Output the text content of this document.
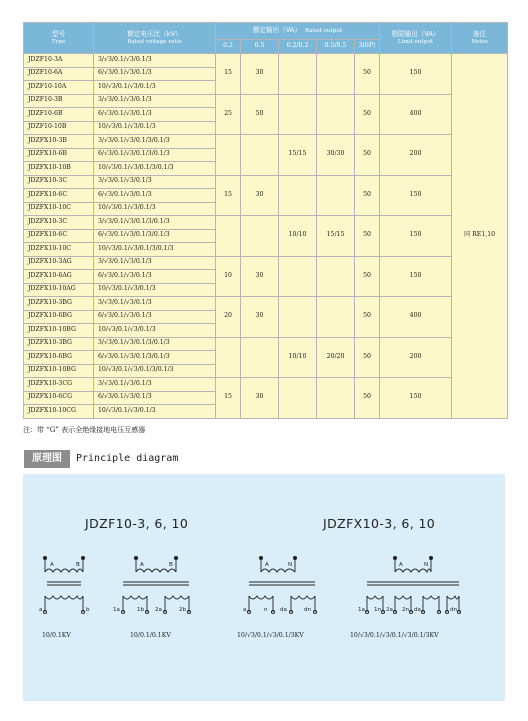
型号
Type	额定电压比（kV）
Rated voltage ratio	额定输出（VA） Rated output					极限输出（VA）
Limit output	备注
Notes

		0.2	0.5	0.2/0.2	0.5/0.5	3(6P)		
JDZF10-3A	3/√3/0.1/√3/0.1/3	15	30			50	150	同 RE1,10
JDZF10-6A	6/√3/0.1/√3/0.1/3							
JDZF10-10A	10/√3/0.1/√3/0.1/3							
JDZF10-3B	3/√3/0.1/√3/0.1/3	25	50			50	400	
JDZF10-6B	6/√3/0.1/√3/0.1/3							
JDZF10-10B	10/√3/0.1/√3/0.1/3							
JDZFX10-3B	3/√3/0.1/√3/0.1/3/0.1/3			15/15	30/30	50	200	
JDZFX10-6B	6/√3/0.1/√3/0.1/3/0.1/3							
JDZFX10-10B	10/√3/0.1/√3/0.1/3/0.1/3							
JDZFX10-3C	3/√3/0.1/√3/0.1/3	15	30			50	150	
JDZFX10-6C	6/√3/0.1/√3/0.1/3							
JDZFX10-10C	10/√3/0.1/√3/0.1/3							
JDZFX10-3C	3/√3/0.1/√3/0.1/3/0.1/3			10/10	15/15	50	150	
JDZFX10-6C	6/√3/0.1/√3/0.1/3/0.1/3							
JDZFX10-10C	10/√3/0.1/√3/0.1/3/0.1/3							
JDZFX10-3AG	3/√3/0.1/√3/0.1/3	10	30			50	150	
JDZFX10-6AG	6/√3/0.1/√3/0.1/3							
JDZFX10-10AG	10/√3/0.1/√3/0.1/3							
JDZFX10-3BG	3/√3/0.1/√3/0.1/3	20	30			50	400	
JDZFX10-6BG	6/√3/0.1/√3/0.1/3							
JDZFX10-10BG	10/√3/0.1/√3/0.1/3							
JDZFX10-3BG	3/√3/0.1/√3/0.1/3/0.1/3			10/10	20/20	50	200	
JDZFX10-6BG	6/√3/0.1/√3/0.1/3/0.1/3							
JDZFX10-10BG	10/√3/0.1/√3/0.1/3/0.1/3							
JDZFX10-3CG	3/√3/0.1/√3/0.1/3	15	30			50	150	
JDZFX10-6CG	6/√3/0.1/√3/0.1/3							
JDZFX10-10CG	10/√3/0.1/√3/0.1/3							
注：带 “G” 表示全绝缘接地电压互感器
原理图	Principle diagram
JDZF10-3, 6, 10	JDZFX10-3, 6, 10
A	B
a	b
A	B
1a	1b 2a	2b
A	N
a	n da	dn
A	N
1a 1n 2a 2n da	dn
10/0.1KV	10/0.1/0.1KV	10/√3/0.1/√3/0.1/3KV	10/√3/0.1/√3/0.1/√3/0.1/3KV
